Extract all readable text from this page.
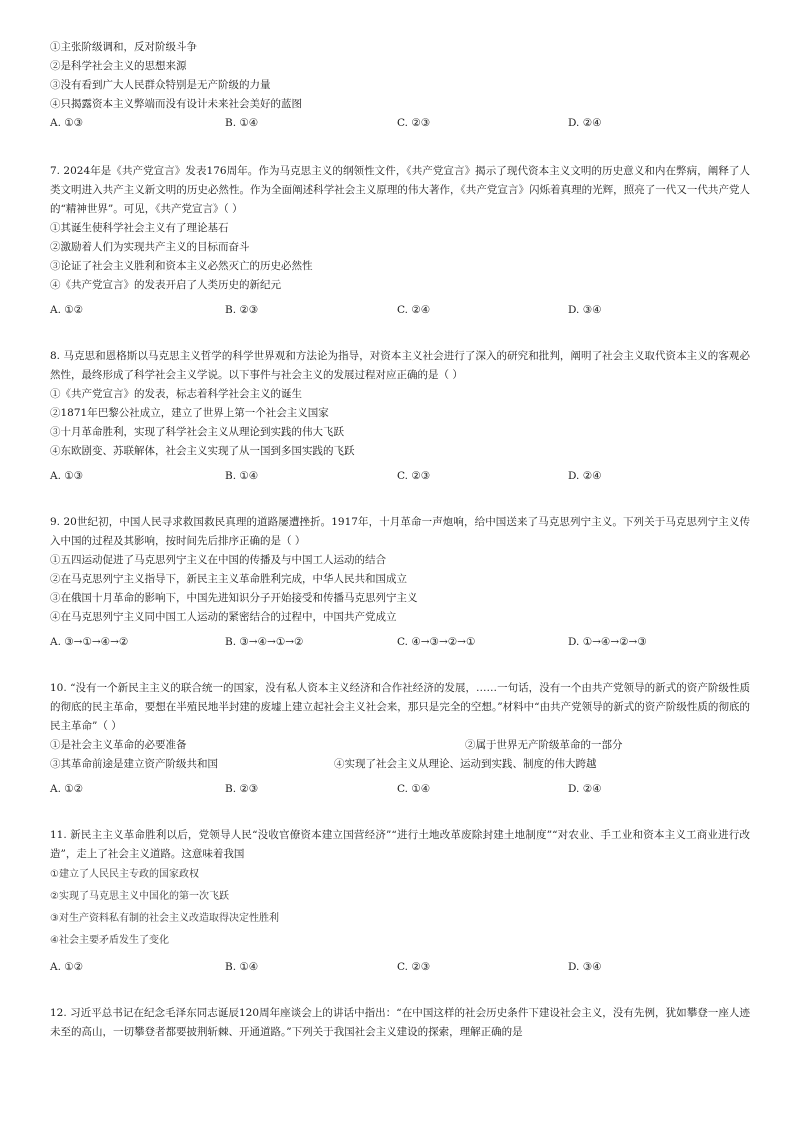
①主张阶级调和，反对阶级斗争
②是科学社会主义的思想来源
③没有看到广大人民群众特别是无产阶级的力量
④只揭露资本主义弊端而没有设计未来社会美好的蓝图
A. ①③	B. ①④	C. ②③	D. ②④
7. 2024年是《共产党宣言》发表176周年。作为马克思主义的纲领性文件，《共产党宣言》揭示了现代资本主义文明的历史意义和内在弊病，阐释了人类文明进入共产主义新文明的历史必然性。作为全面阐述科学社会主义原理的伟大著作，《共产党宣言》闪烁着真理的光辉，照亮了一代又一代共产党人的“精神世界”。可见，《共产党宣言》（ ）
①其诞生使科学社会主义有了理论基石
②激励着人们为实现共产主义的目标而奋斗
③论证了社会主义胜利和资本主义必然灭亡的历史必然性
④《共产党宣言》的发表开启了人类历史的新纪元
A. ①②	B. ②③	C. ②④	D. ③④
8. 马克思和恩格斯以马克思主义哲学的科学世界观和方法论为指导，对资本主义社会进行了深入的研究和批判，阐明了社会主义取代资本主义的客观必然性，最终形成了科学社会主义学说。以下事件与社会主义的发展过程对应正确的是（ ）
①《共产党宣言》的发表，标志着科学社会主义的诞生
②1871年巴黎公社成立，建立了世界上第一个社会主义国家
③十月革命胜利，实现了科学社会主义从理论到实践的伟大飞跃
④东欧剧变、苏联解体，社会主义实现了从一国到多国实践的飞跃
A. ①③	B. ①④	C. ②③	D. ②④
9. 20世纪初，中国人民寻求救国救民真理的道路屡遭挫折。1917年，十月革命一声炮响，给中国送来了马克思列宁主义。下列关于马克思列宁主义传入中国的过程及其影响，按时间先后排序正确的是（ ）
①五四运动促进了马克思列宁主义在中国的传播及与中国工人运动的结合
②在马克思列宁主义指导下，新民主主义革命胜利完成，中华人民共和国成立
③在俄国十月革命的影响下，中国先进知识分子开始接受和传播马克思列宁主义
④在马克思列宁主义同中国工人运动的紧密结合的过程中，中国共产党成立
A. ③→①→④→②	B. ③→④→①→②	C. ④→③→②→①	D. ①→④→②→③
10. “没有一个新民主主义的联合统一的国家，没有私人资本主义经济和合作社经济的发展，……一句话，没有一个由共产党领导的新式的资产阶级性质的彻底的民主革命，要想在半殖民地半封建的废墟上建立起社会主义社会来，那只是完全的空想。”材料中“由共产党领导的新式的资产阶级性质的彻底的民主革命”（ ）
①是社会主义革命的必要准备	②属于世界无产阶级革命的一部分
③其革命前途是建立资产阶级共和国	④实现了社会主义从理论、运动到实践、制度的伟大跨越
A. ①②	B. ②③	C. ①④	D. ②④
11. 新民主主义革命胜利以后，党领导人民“没收官僚资本建立国营经济”“进行土地改革废除封建土地制度”“对农业、手工业和资本主义工商业进行改造”，走上了社会主义道路。这意味着我国
①建立了人民民主专政的国家政权
②实现了马克思主义中国化的第一次飞跃
③对生产资料私有制的社会主义改造取得决定性胜利
④社会主要矛盾发生了变化
A. ①②	B. ①④	C. ②③	D. ③④
12. 习近平总书记在纪念毛泽东同志诞辰120周年座谈会上的讲话中指出：“在中国这样的社会历史条件下建设社会主义，没有先例，犹如攀登一座人迹未至的高山，一切攀登者都要披荆斩棘、开通道路。”下列关于我国社会主义建设的探索，理解正确的是
